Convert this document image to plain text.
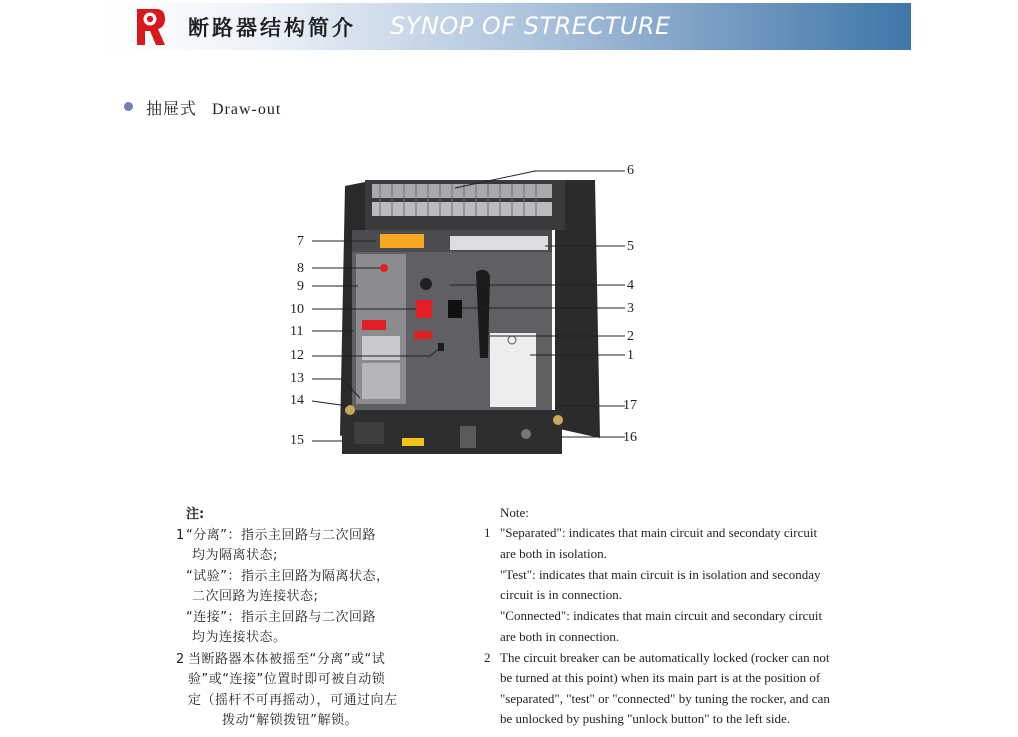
断路器结构简介 SYNOP OF STRECTURE
抽屉式   Draw-out
6
5
4
3
2
1
17
16
7
8
9
10
11
12
13
14
15
注:
1 “分离”：指示主回路与二次回路
均为隔离状态;
“试验”：指示主回路为隔离状态，
二次回路为连接状态;
“连接”：指示主回路与二次回路
均为连接状态。
2 当断路器本体被摇至“分离”或“试
验”或“连接”位置时即可被自动锁
定（摇杆不可再摇动），可通过向左
拨动“解锁拨钮”解锁。
Note:
1 "Separated": indicates that main circuit and secondaty circuit
are both in isolation.
"Test": indicates that main circuit is in isolation and seconday
circuit is in connection.
"Connected": indicates that main circuit and secondary circuit
are both in connection.
2 The circuit breaker can be automatically locked (rocker can not
be turned at this point) when its main part is at the position of
"separated", "test" or "connected" by tuning the rocker, and can
be unlocked by pushing "unlock button" to the left side.
